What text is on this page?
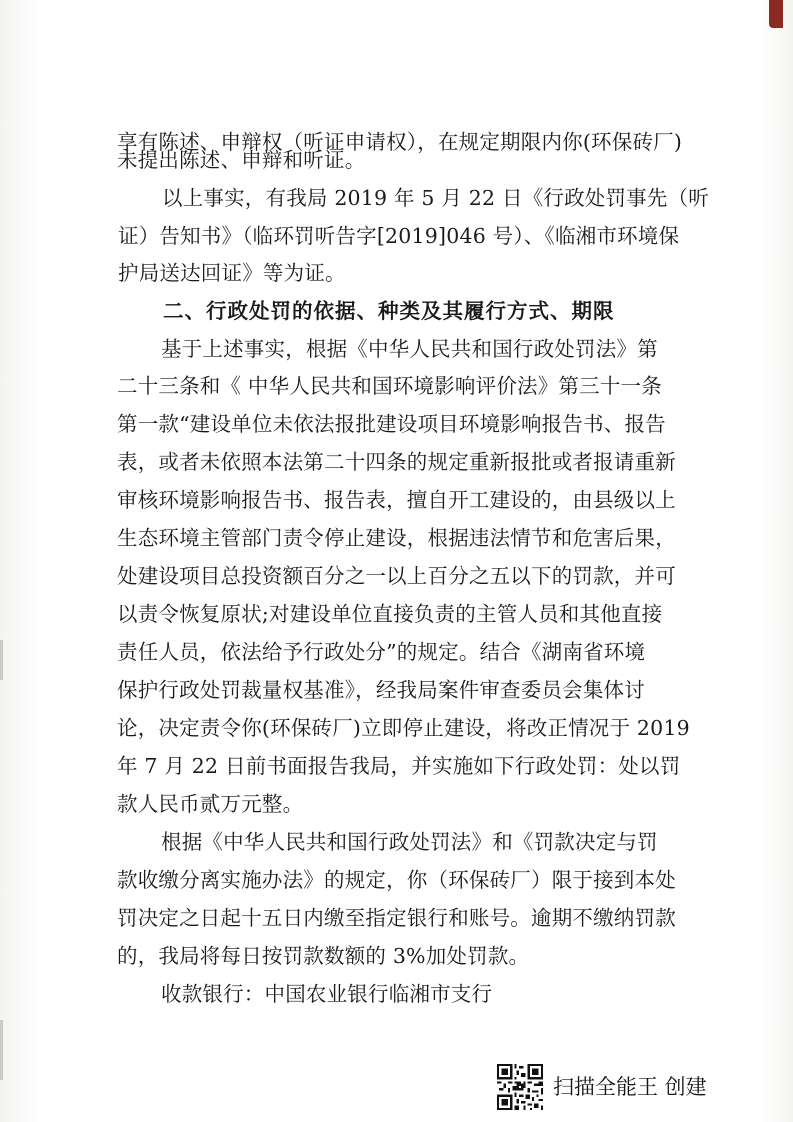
享有陈述、申辩权（听证申请权），在规定期限内你(环保砖厂)
未提出陈述、申辩和听证。
以上事实，有我局 2019 年 5 月 22 日《行政处罚事先（听
证）告知书》（临环罚听告字[2019]046 号）、《临湘市环境保
护局送达回证》等为证。
二、行政处罚的依据、种类及其履行方式、期限
基于上述事实，根据《中华人民共和国行政处罚法》第
二十三条和《 中华人民共和国环境影响评价法》第三十一条
第一款“建设单位未依法报批建设项目环境影响报告书、报告
表，或者未依照本法第二十四条的规定重新报批或者报请重新
审核环境影响报告书、报告表，擅自开工建设的，由县级以上
生态环境主管部门责令停止建设，根据违法情节和危害后果，
处建设项目总投资额百分之一以上百分之五以下的罚款，并可
以责令恢复原状;对建设单位直接负责的主管人员和其他直接
责任人员，依法给予行政处分”的规定。结合《湖南省环境
保护行政处罚裁量权基准》，经我局案件审查委员会集体讨
论，决定责令你(环保砖厂)立即停止建设，将改正情况于 2019
年 7 月 22 日前书面报告我局，并实施如下行政处罚：处以罚
款人民币贰万元整。
根据《中华人民共和国行政处罚法》和《罚款决定与罚
款收缴分离实施办法》的规定，你（环保砖厂）限于接到本处
罚决定之日起十五日内缴至指定银行和账号。逾期不缴纳罚款
的，我局将每日按罚款数额的 3%加处罚款。
收款银行：中国农业银行临湘市支行
扫描全能王 创建
